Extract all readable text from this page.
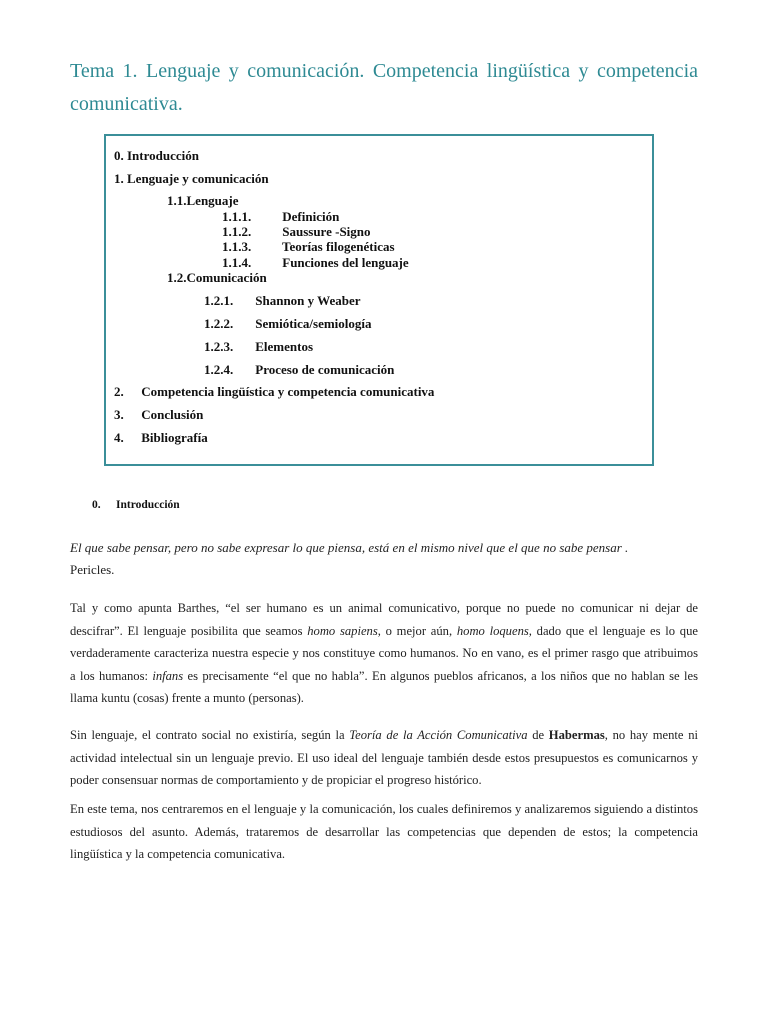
Tema 1. Lenguaje y comunicación. Competencia lingüística y competencia comunicativa.
0. Introducción
1. Lenguaje y comunicación
1.1.Lenguaje
1.1.1. Definición
1.1.2. Saussure -Signo
1.1.3. Teorías filogenéticas
1.1.4. Funciones del lenguaje
1.2.Comunicación
1.2.1. Shannon y Weaber
1.2.2. Semiótica/semiología
1.2.3. Elementos
1.2.4. Proceso de comunicación
2. Competencia lingüística y competencia comunicativa
3. Conclusión
4. Bibliografía
0. Introducción
El que sabe pensar, pero no sabe expresar lo que piensa, está en el mismo nivel que el que no sabe pensar .
Pericles.

Tal y como apunta Barthes, “el ser humano es un animal comunicativo, porque no puede no comunicar ni dejar de descifrar”. El lenguaje posibilita que seamos homo sapiens, o mejor aún, homo loquens, dado que el lenguaje es lo que verdaderamente caracteriza nuestra especie y nos constituye como humanos. No en vano, es el primer rasgo que atribuimos a los humanos: infans es precisamente “el que no habla”. En algunos pueblos africanos, a los niños que no hablan se les llama kuntu (cosas) frente a munto (personas).

Sin lenguaje, el contrato social no existiría, según la Teoría de la Acción Comunicativa de Habermas, no hay mente ni actividad intelectual sin un lenguaje previo. El uso ideal del lenguaje también desde estos presupuestos es comunicarnos y poder consensuar normas de comportamiento y de propiciar el progreso histórico.

En este tema, nos centraremos en el lenguaje y la comunicación, los cuales definiremos y analizaremos siguiendo a distintos estudiosos del asunto. Además, trataremos de desarrollar las competencias que dependen de estos; la competencia lingüística y la competencia comunicativa.
